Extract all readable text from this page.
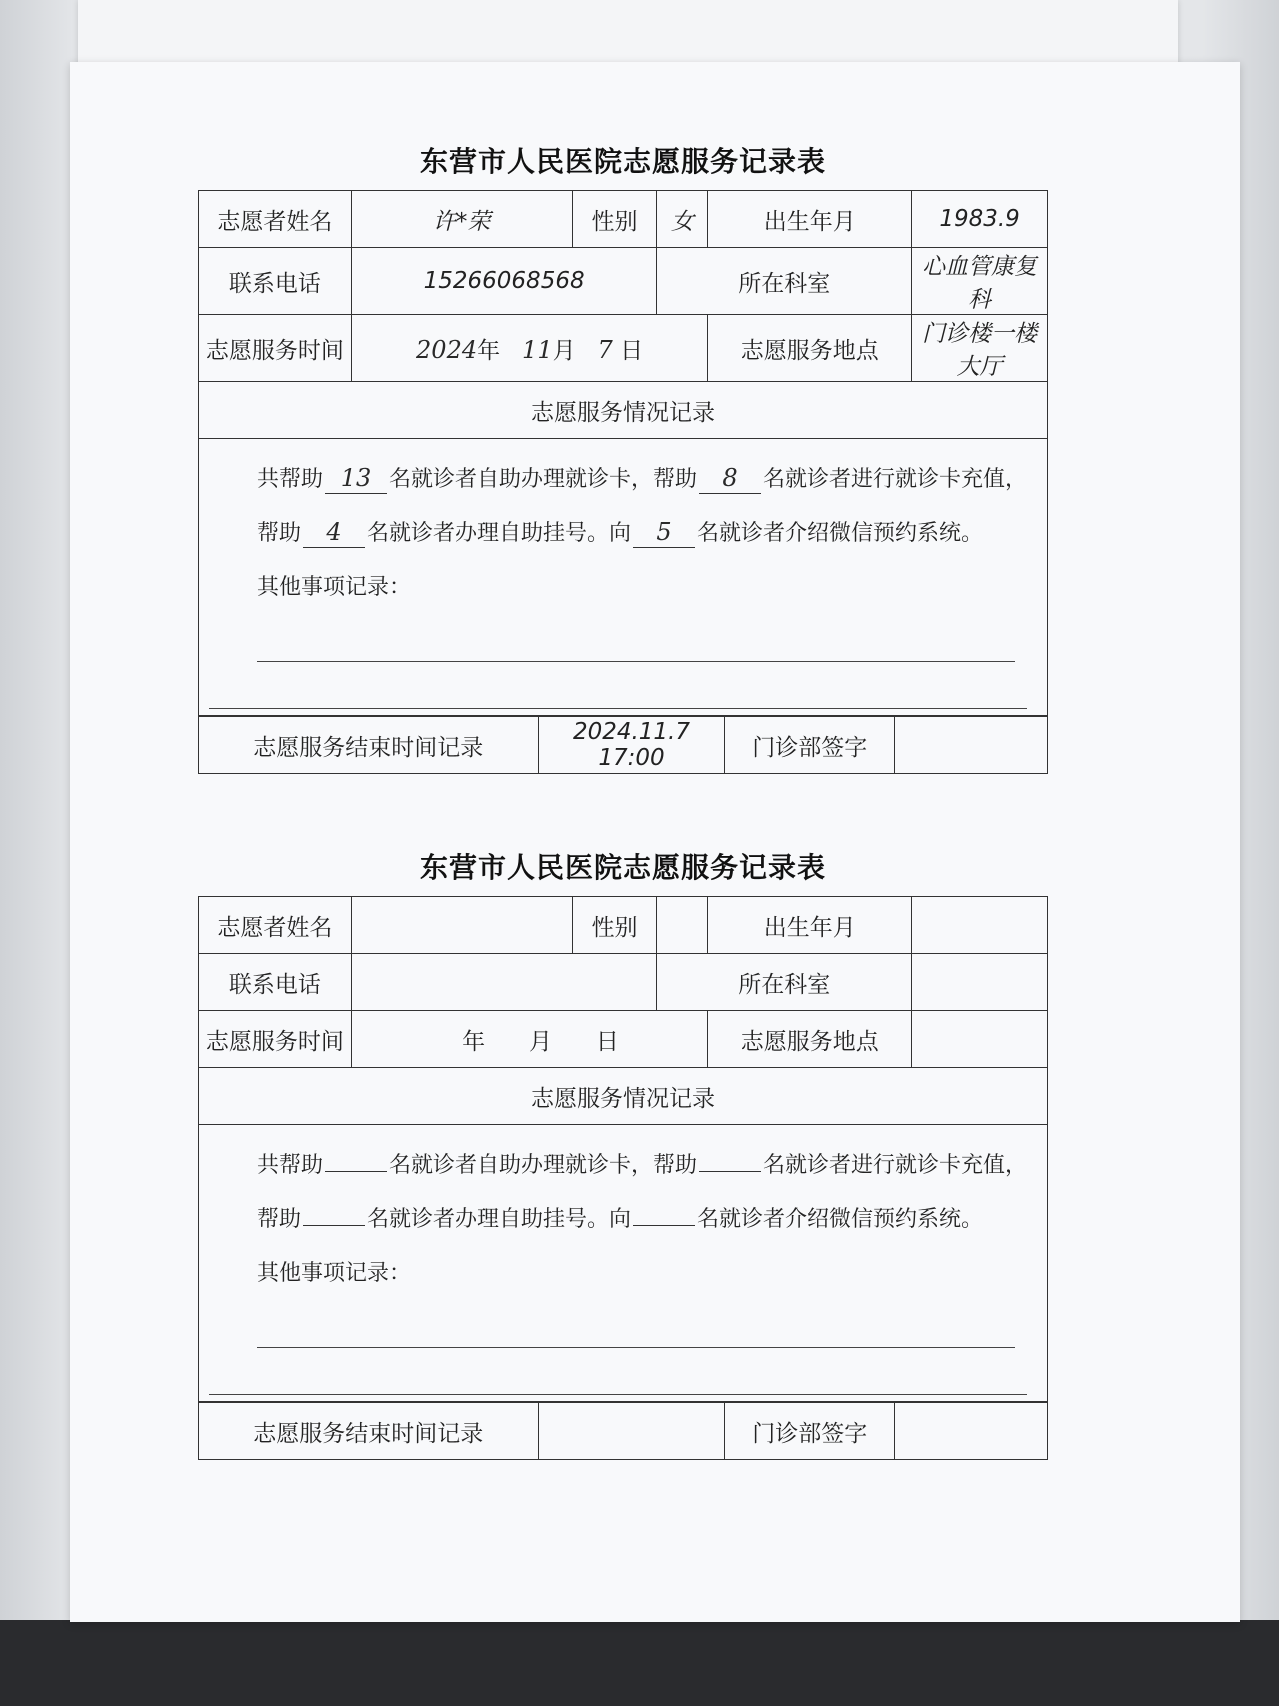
东营市人民医院志愿服务记录表
志愿者姓名	许*荣	性别	女	出生年月	1983.9
联系电话	15266068568		所在科室		心血管康复科
志愿服务时间	2024年 11月 7 日			志愿服务地点	门诊楼一楼大厅
志愿服务情况记录					
共帮助 13 名就诊者自助办理就诊卡，帮助 8 名就诊者进行就诊卡充值，帮助 4 名就诊者办理自助挂号。向 5 名就诊者介绍微信预约系统。
其他事项记录：
志愿服务结束时间记录	2024.11.7 17:00	门诊部签字	
东营市人民医院志愿服务记录表
志愿者姓名		性别		出生年月	
联系电话			所在科室		
志愿服务时间	年 月 日			志愿服务地点	
志愿服务情况记录					
共帮助	名就诊者自助办理就诊卡，帮助	名就诊者进行就诊卡充值，帮助	名就诊者办理自助挂号。向	名就诊者介绍微信预约系统。
其他事项记录：
志愿服务结束时间记录		门诊部签字	
